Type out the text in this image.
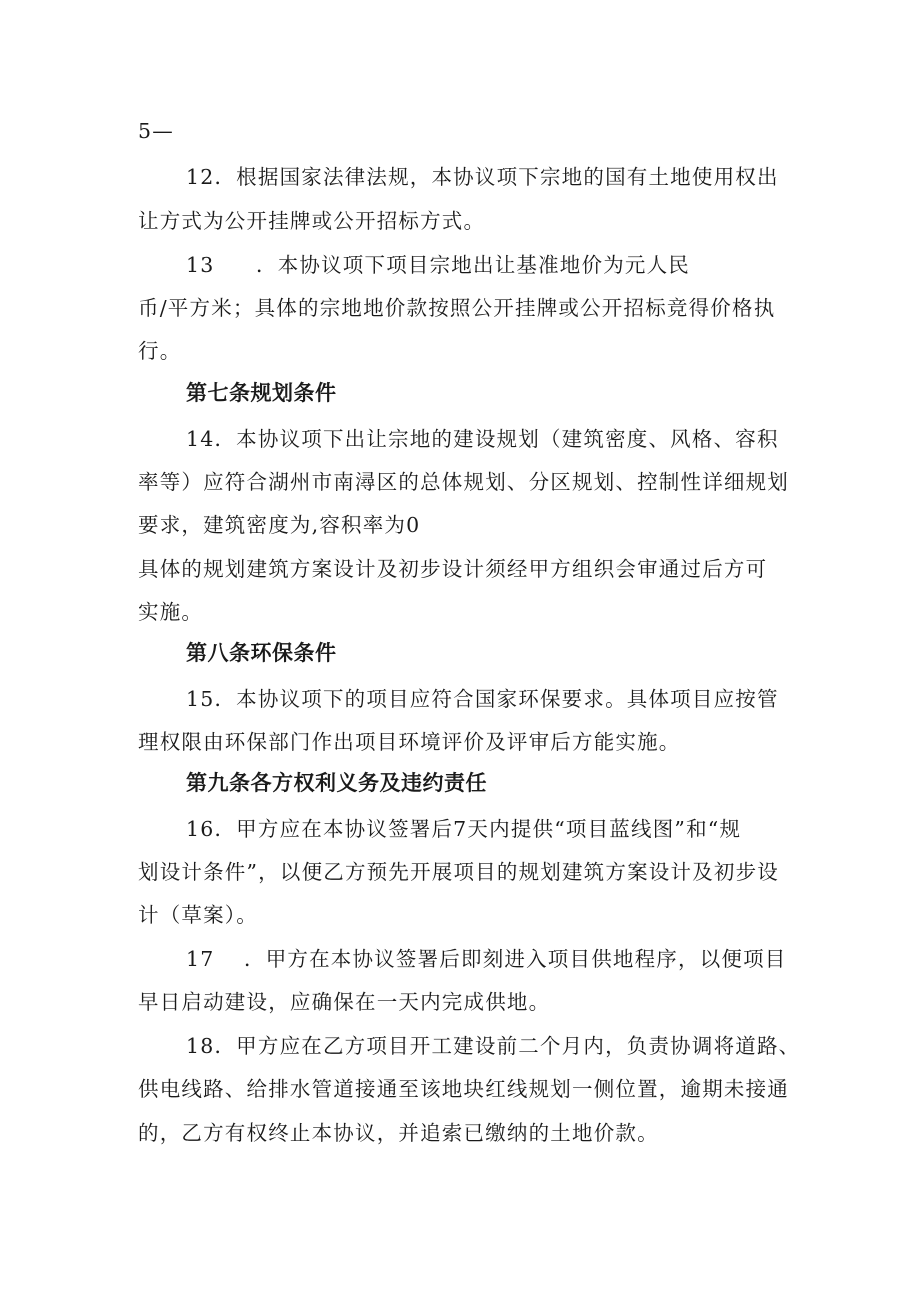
5—
12．根据国家法律法规，本协议项下宗地的国有土地使用权出
让方式为公开挂牌或公开招标方式。
13 ．本协议项下项目宗地出让基准地价为元人民
币/平方米；具体的宗地地价款按照公开挂牌或公开招标竞得价格执
行。
第七条规划条件
14．本协议项下出让宗地的建设规划（建筑密度、风格、容积
率等）应符合湖州市南潯区的总体规划、分区规划、控制性详细规划
要求，建筑密度为,容积率为0
具体的规划建筑方案设计及初步设计须经甲方组织会审通过后方可
实施。
第八条环保条件
15．本协议项下的项目应符合国家环保要求。具体项目应按管
理权限由环保部门作出项目环境评价及评审后方能实施。
第九条各方权利义务及违约责任
16．甲方应在本协议签署后7天内提供“项目蓝线图”和“规
划设计条件”，以便乙方预先开展项目的规划建筑方案设计及初步设
计（草案）。
17 ．甲方在本协议签署后即刻进入项目供地程序，以便项目
早日启动建设，应确保在一天内完成供地。
18．甲方应在乙方项目开工建设前二个月内，负责协调将道路、
供电线路、给排水管道接通至该地块红线规划一侧位置，逾期未接通
的，乙方有权终止本协议，并追索已缴纳的土地价款。
